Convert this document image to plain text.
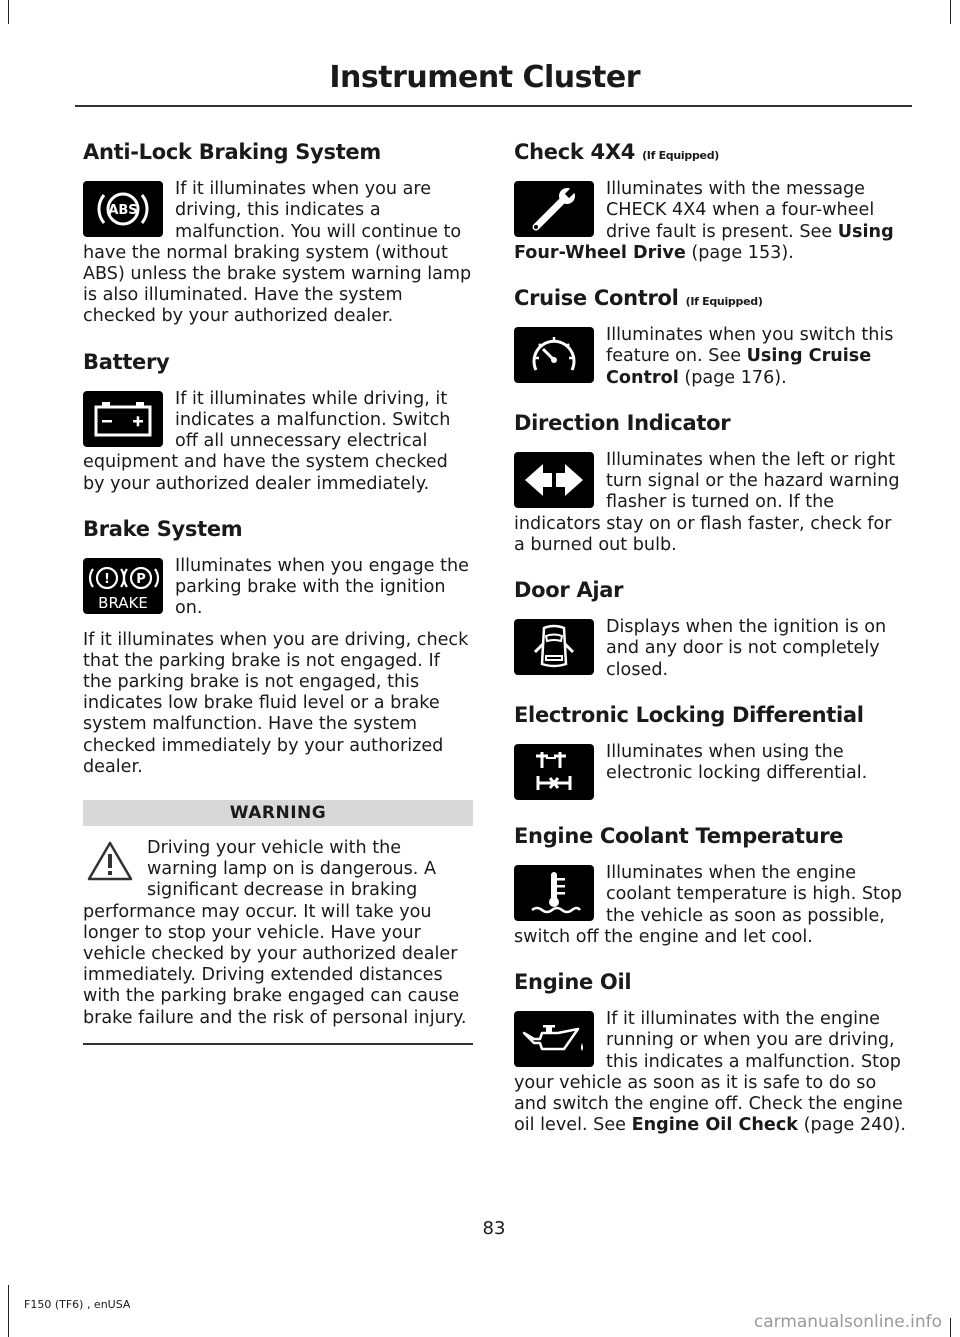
Instrument Cluster
Anti-Lock Braking System
ABS

If it illuminates when you are driving, this indicates a malfunction. You will continue to have the normal braking system (without ABS) unless the brake system warning lamp is also illuminated. Have the system checked by your authorized dealer.

Battery

If it illuminates while driving, it indicates a malfunction. Switch off all unnecessary electrical equipment and have the system checked by your authorized dealer immediately.

Brake System
! P
BRAKE

Illuminates when you engage the parking brake with the ignition on.

If it illuminates when you are driving, check that the parking brake is not engaged. If the parking brake is not engaged, this indicates low brake fluid level or a brake system malfunction. Have the system checked immediately by your authorized dealer.

WARNING

Driving your vehicle with the warning lamp on is dangerous. A significant decrease in braking performance may occur. It will take you longer to stop your vehicle. Have your vehicle checked by your authorized dealer immediately. Driving extended distances with the parking brake engaged can cause brake failure and the risk of personal injury.

Check 4X4 (If Equipped)

Illuminates with the message CHECK 4X4 when a four-wheel drive fault is present. See Using Four-Wheel Drive (page 153).

Cruise Control (If Equipped)

Illuminates when you switch this feature on. See Using Cruise Control (page 176).

Direction Indicator

Illuminates when the left or right turn signal or the hazard warning flasher is turned on. If the indicators stay on or flash faster, check for a burned out bulb.

Door Ajar

Displays when the ignition is on and any door is not completely closed.

Electronic Locking Differential

Illuminates when using the electronic locking differential.

Engine Coolant Temperature

Illuminates when the engine coolant temperature is high. Stop the vehicle as soon as possible, switch off the engine and let cool.

Engine Oil

If it illuminates with the engine running or when you are driving, this indicates a malfunction. Stop your vehicle as soon as it is safe to do so and switch the engine off. Check the engine oil level. See Engine Oil Check (page 240).

83
F150 (TF6) , enUSA
carmanualsonline.info
